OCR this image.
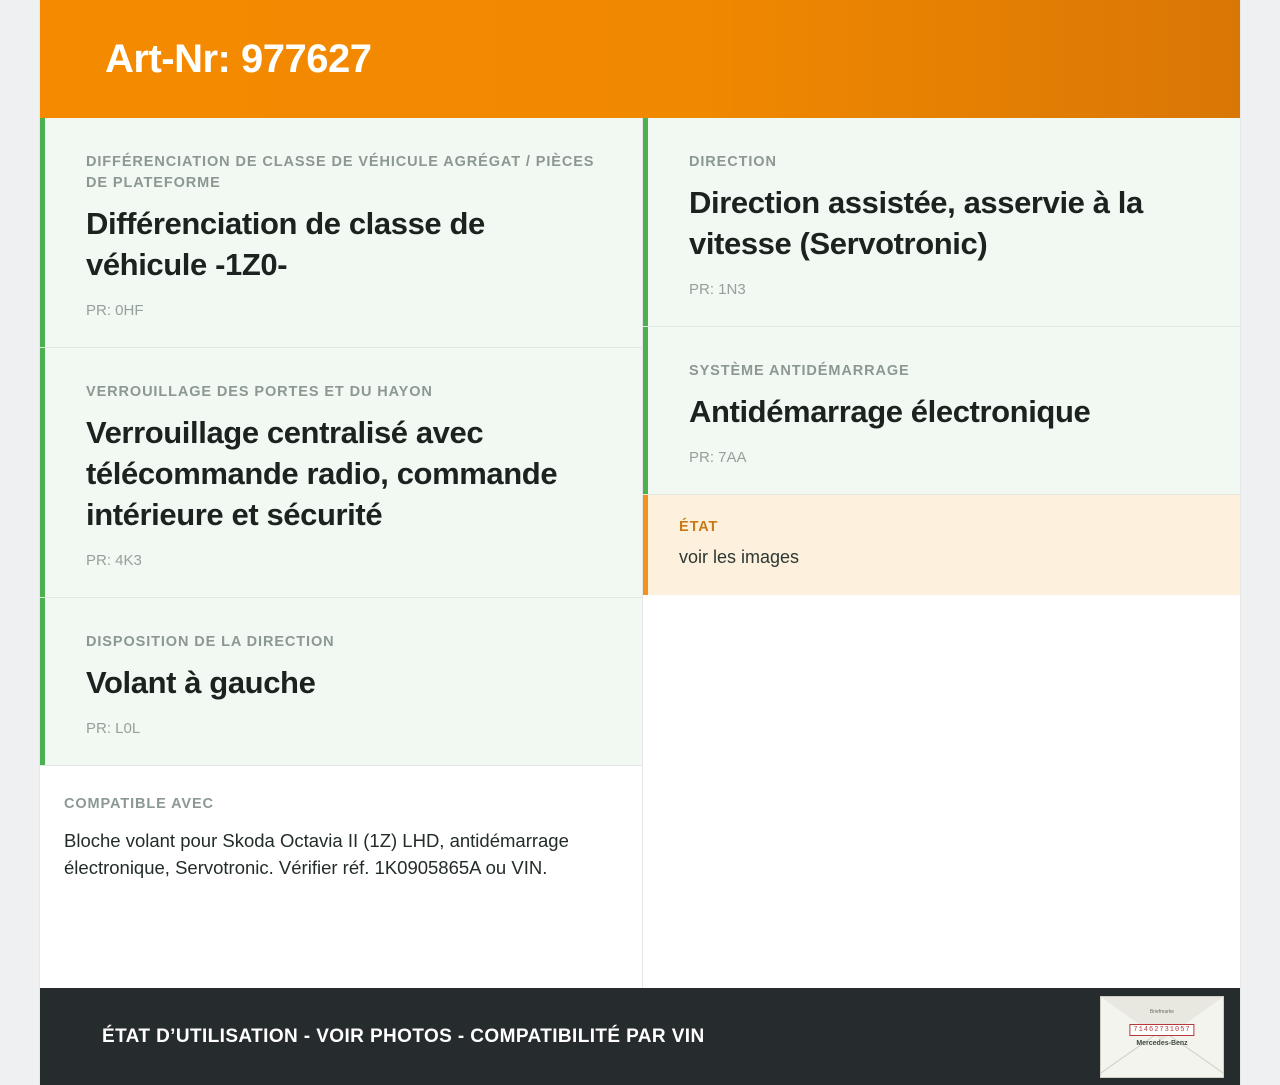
Art-Nr: 977627
DIFFÉRENCIATION DE CLASSE DE VÉHICULE AGRÉGAT / PIÈCES DE PLATEFORME
Différenciation de classe de véhicule -1Z0-
PR: 0HF
VERROUILLAGE DES PORTES ET DU HAYON
Verrouillage centralisé avec télécommande radio, commande intérieure et sécurité
PR: 4K3
DISPOSITION DE LA DIRECTION
Volant à gauche
PR: L0L
COMPATIBLE AVEC
Bloche volant pour Skoda Octavia II (1Z) LHD, antidémarrage électronique, Servotronic. Vérifier réf. 1K0905865A ou VIN.
DIRECTION
Direction assistée, asservie à la vitesse (Servotronic)
PR: 1N3
SYSTÈME ANTIDÉMARRAGE
Antidémarrage électronique
PR: 7AA
ÉTAT
voir les images
ÉTAT D’UTILISATION - VOIR PHOTOS - COMPATIBILITÉ PAR VIN
Briefmarke
71462731057
Mercedes-Benz
